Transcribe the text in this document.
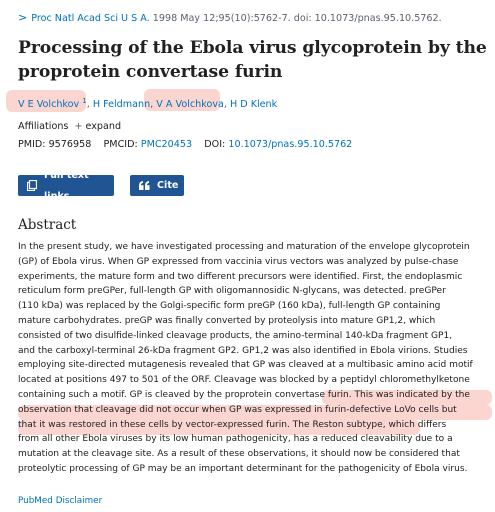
> Proc Natl Acad Sci U S A. 1998 May 12;95(10):5762-7. doi: 10.1073/pnas.95.10.5762.
Processing of the Ebola virus glycoprotein by the proprotein convertase furin
V E Volchkov $^1$, H Feldmann, V A Volchkova, H D Klenk
Affiliations + expand
PMID: 9576958 PMCID: PMC20453 DOI: 10.1073/pnas.95.10.5762
Full text links
Cite
Abstract
In the present study, we have investigated processing and maturation of the envelope glycoprotein
(GP) of Ebola virus. When GP expressed from vaccinia virus vectors was analyzed by pulse-chase
experiments, the mature form and two different precursors were identified. First, the endoplasmic
reticulum form preGPer, full-length GP with oligomannosidic N-glycans, was detected. preGPer
(110 kDa) was replaced by the Golgi-specific form preGP (160 kDa), full-length GP containing
mature carbohydrates. preGP was finally converted by proteolysis into mature GP1,2, which
consisted of two disulfide-linked cleavage products, the amino-terminal 140-kDa fragment GP1,
and the carboxyl-terminal 26-kDa fragment GP2. GP1,2 was also identified in Ebola virions. Studies
employing site-directed mutagenesis revealed that GP was cleaved at a multibasic amino acid motif
located at positions 497 to 501 of the ORF. Cleavage was blocked by a peptidyl chloromethylketone
containing such a motif. GP is cleaved by the proprotein convertase furin. This was indicated by the
observation that cleavage did not occur when GP was expressed in furin-defective LoVo cells but
that it was restored in these cells by vector-expressed furin. The Reston subtype, which differs
from all other Ebola viruses by its low human pathogenicity, has a reduced cleavability due to a
mutation at the cleavage site. As a result of these observations, it should now be considered that
proteolytic processing of GP may be an important determinant for the pathogenicity of Ebola virus.
PubMed Disclaimer
